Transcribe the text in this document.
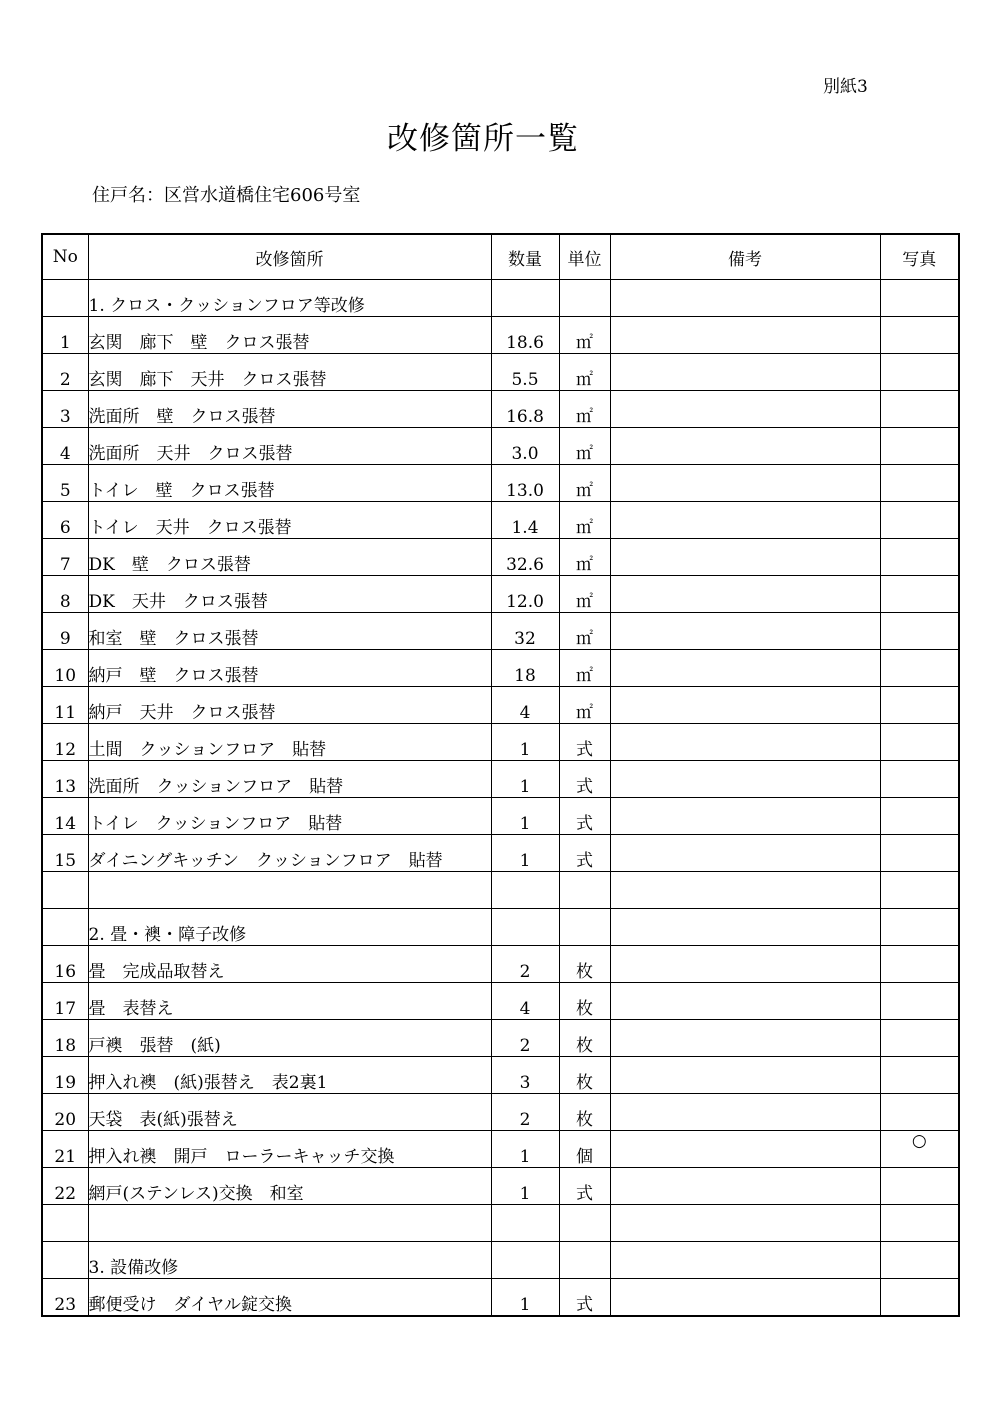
別紙3
改修箇所一覧
住戸名：区営水道橋住宅606号室
No	改修箇所	数量	単位	備考	写真
	1. クロス・クッションフロア等改修				
1	玄関　廊下　壁　クロス張替	18.6	㎡		
2	玄関　廊下　天井　クロス張替	5.5	㎡		
3	洗面所　壁　クロス張替	16.8	㎡		
4	洗面所　天井　クロス張替	3.0	㎡		
5	トイレ　壁　クロス張替	13.0	㎡		
6	トイレ　天井　クロス張替	1.4	㎡		
7	DK　壁　クロス張替	32.6	㎡		
8	DK　天井　クロス張替	12.0	㎡		
9	和室　壁　クロス張替	32	㎡		
10	納戸　壁　クロス張替	18	㎡		
11	納戸　天井　クロス張替	4	㎡		
12	土間　クッションフロア　貼替	1	式		
13	洗面所　クッションフロア　貼替	1	式		
14	トイレ　クッションフロア　貼替	1	式		
15	ダイニングキッチン　クッションフロア　貼替	1	式		

	2. 畳・襖・障子改修				
16	畳　完成品取替え	2	枚		
17	畳　表替え	4	枚		
18	戸襖　張替　(紙)	2	枚		
19	押入れ襖　(紙)張替え　表2裏1	3	枚		
20	天袋　表(紙)張替え	2	枚		
21	押入れ襖　開戸　ローラーキャッチ交換	1	個		○
22	網戸(ステンレス)交換　和室	1	式		

	3. 設備改修				
23	郵便受け　ダイヤル錠交換	1	式		
